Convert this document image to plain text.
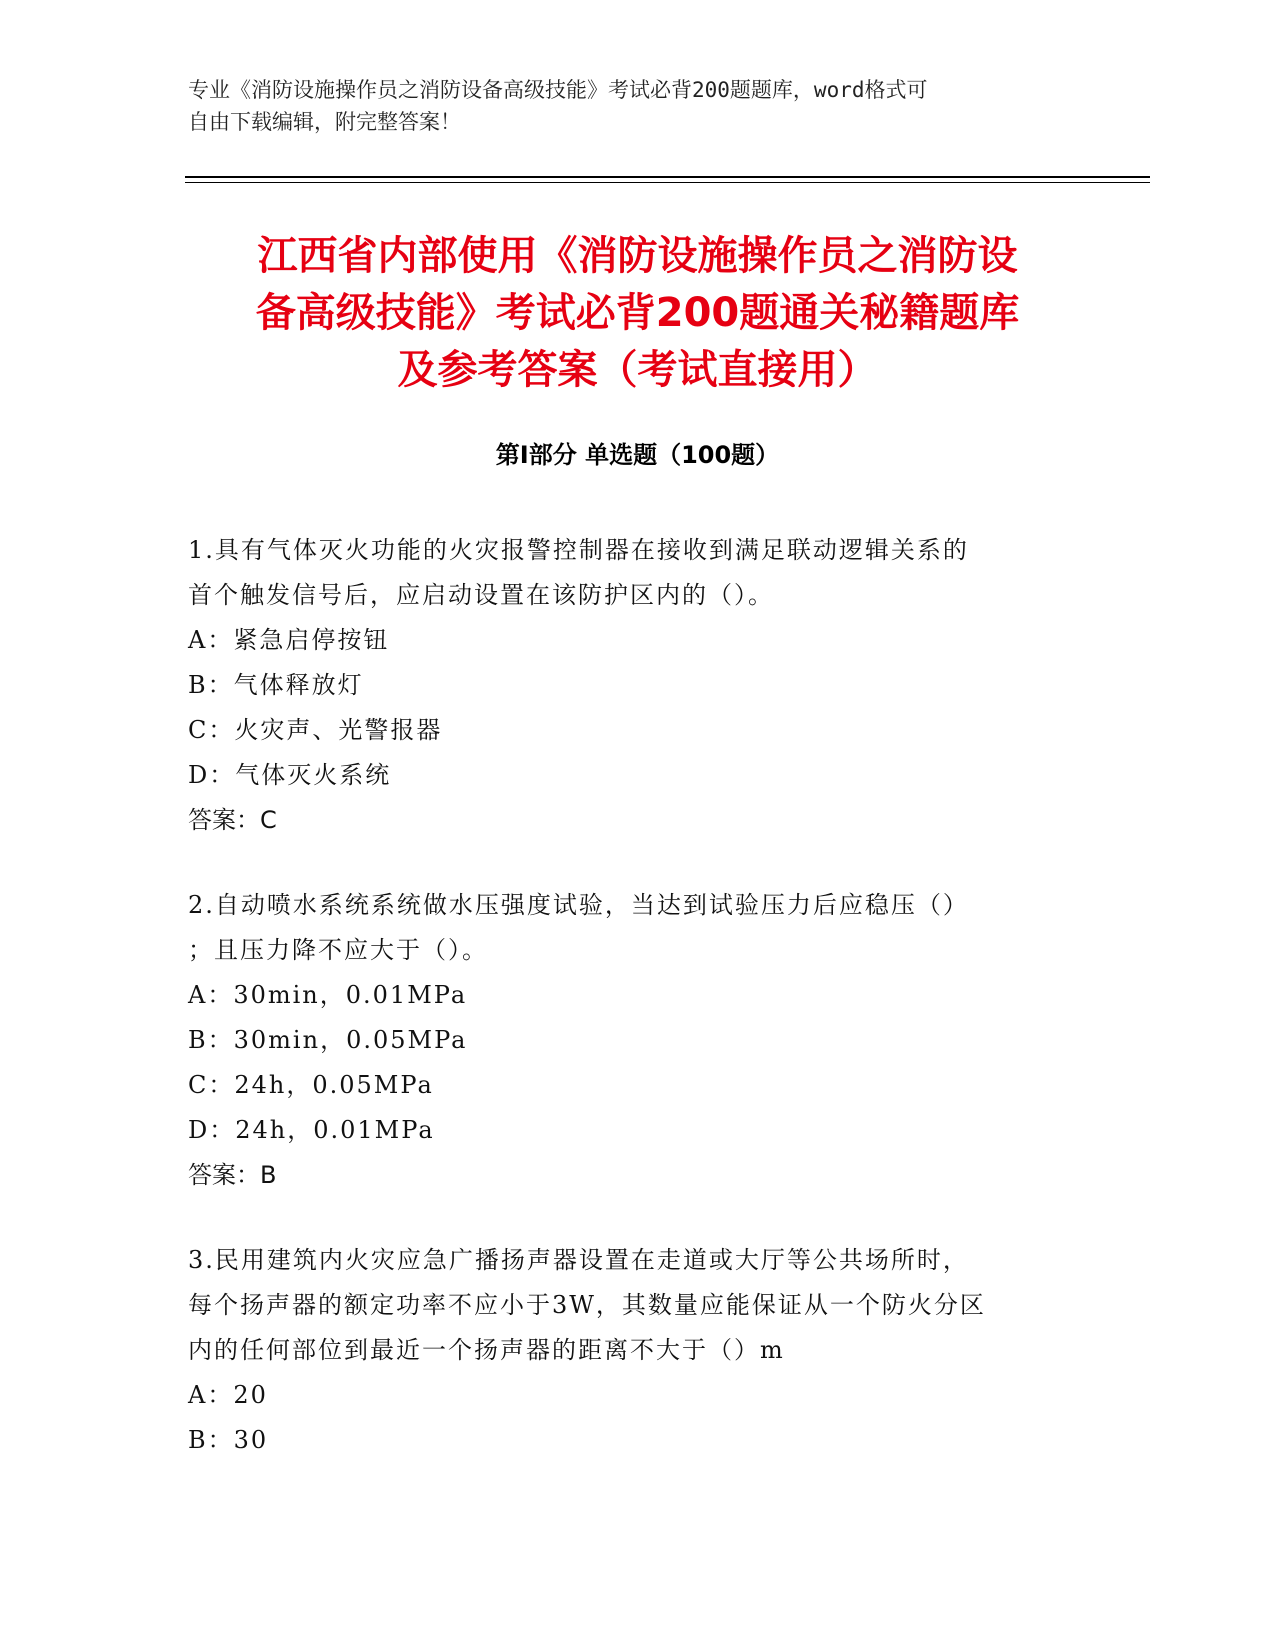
专业《消防设施操作员之消防设备高级技能》考试必背200题题库，word格式可
自由下载编辑，附完整答案！
江西省内部使用《消防设施操作员之消防设
备高级技能》考试必背200题通关秘籍题库
及参考答案（考试直接用）
第Ⅰ部分 单选题（100题）
1.具有气体灭火功能的火灾报警控制器在接收到满足联动逻辑关系的
首个触发信号后，应启动设置在该防护区内的（）。
A：紧急启停按钮
B：气体释放灯
C：火灾声、光警报器
D：气体灭火系统
答案：C
2.自动喷水系统系统做水压强度试验，当达到试验压力后应稳压（）
；且压力降不应大于（）。
A：30min，0.01MPa
B：30min，0.05MPa
C：24h，0.05MPa
D：24h，0.01MPa
答案：B
3.民用建筑内火灾应急广播扬声器设置在走道或大厅等公共场所时，
每个扬声器的额定功率不应小于3W，其数量应能保证从一个防火分区
内的任何部位到最近一个扬声器的距离不大于（）m
A：20
B：30
